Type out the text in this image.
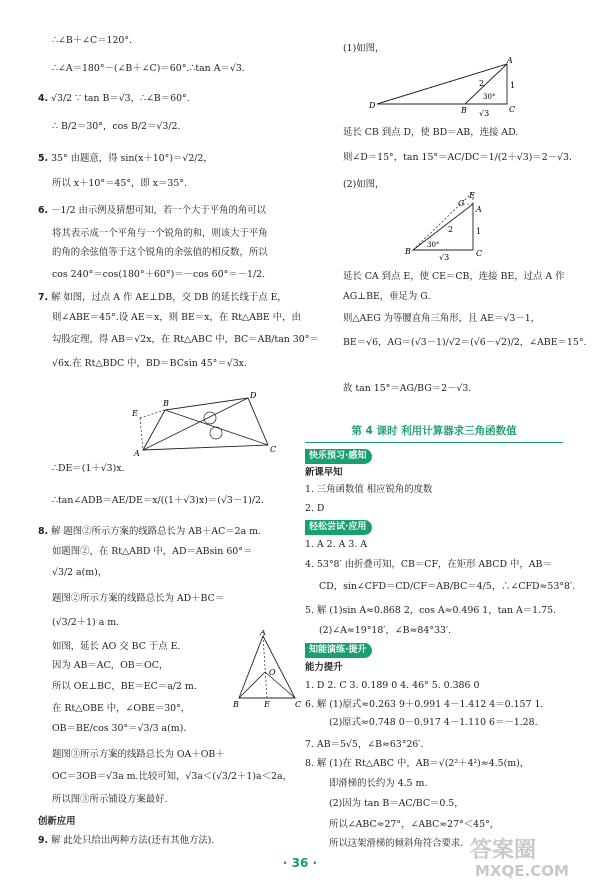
∴∠B＋∠C＝120°.
∴∠A＝180°－(∠B＋∠C)＝60°.∴tan A＝√3.
4. √3/2 ∵ tan B＝√3，∴∠B＝60°.
∴ B/2＝30°，cos B/2＝√3/2.
5. 35° 由题意，得 sin(x＋10°)＝√2/2，
所以 x＋10°＝45°，即 x＝35°.
6. －1/2 由示例及猜想可知，若一个大于平角的角可以
将其表示成一个平角与一个锐角的和，则该大于平角
的角的余弦值等于这个锐角的余弦值的相反数，所以
cos 240°＝cos(180°＋60°)＝－cos 60°＝－1/2.
7. 解 如图，过点 A 作 AE⊥DB，交 DB 的延长线于点 E，
则∠ABE＝45°.设 AE＝x，则 BE＝x，在 Rt△ABE 中，由
勾股定理，得 AB＝√2x，在 Rt△ABC 中，BC＝AB/tan 30°＝
√6x.在 Rt△BDC 中，BD＝BCsin 45°＝√3x.
E
B
D
A	C
∴DE＝(1＋√3)x.
∴tan∠ADB＝AE/DE＝x/((1＋√3)x)＝(√3－1)/2.
8. 解 题图②所示方案的线路总长为 AB＋AC＝2a m.
如题图②，在 Rt△ABD 中，AD＝ABsin 60°＝
√3/2 a(m)，
题图②所示方案的线路总长为 AD＋BC＝
(√3/2＋1) a m.
如图，延长 AO 交 BC 于点 E.
因为 AB＝AC，OB＝OC，
所以 OE⊥BC，BE＝EC＝a/2 m.
在 Rt△OBE 中，∠OBE＝30°，
OB＝BE/cos 30°＝√3/3 a(m).
题图③所示方案的线路总长为 OA＋OB＋
OC＝3OB＝√3a m.比较可知，√3a＜(√3/2＋1)a＜2a，
所以图③所示铺设方案最好.
创新应用
9. 解 此处只给出两种方法(还有其他方法).
A
B	E	C
O
(1)如图，
D
A
B	C
30°
1
2
√3
延长 CB 到点 D，使 BD＝AB，连接 AD.
则∠D＝15°，tan 15°＝AC/DC＝1/(2＋√3)＝2－√3.
(2)如图，
E
G
A
B	C
30°
2	1
√3
延长 CA 到点 E，使 CE＝CB，连接 BE，过点 A 作
AG⊥BE，垂足为 G.
则△AEG 为等腰直角三角形，且 AE＝√3－1，
BE＝√6，AG＝(√3－1)/√2＝(√6－√2)/2，∠ABE＝15°.
故 tan 15°＝AG/BG＝2－√3.
第 4 课时 利用计算器求三角函数值
快乐预习·感知
新课早知
1. 三角函数值 相应锐角的度数
2. D
轻松尝试·应用
1. A 2. A 3. A
4. 53°8′ 由折叠可知，CB＝CF，在矩形 ABCD 中，AB＝
CD，sin∠CFD＝CD/CF＝AB/BC＝4/5，∴∠CFD≈53°8′.
5. 解 (1)sin A≈0.868 2，cos A≈0.496 1，tan A＝1.75.
(2)∠A≈19°18′，∠B≈84°33′.
知能演练·提升
能力提升
1. D 2. C 3. 0.189 0 4. 46° 5. 0.386 0
6. 解 (1)原式≈0.263 9＋0.991 4－1.412 4＝0.157 1.
(2)原式≈0.748 0－0.917 4－1.110 6＝－1.28.
7. AB＝5√5，∠B≈63°26′.
8. 解 (1)在 Rt△ABC 中，AB＝√(2²＋4²)≈4.5(m)，
即滑梯的长约为 4.5 m.
(2)因为 tan B＝AC/BC＝0.5，
所以∠ABC≈27°，∠ABC≈27°＜45°，
所以这架滑梯的倾斜角符合要求.
· 36 ·	答案圈
MXQE.COM
